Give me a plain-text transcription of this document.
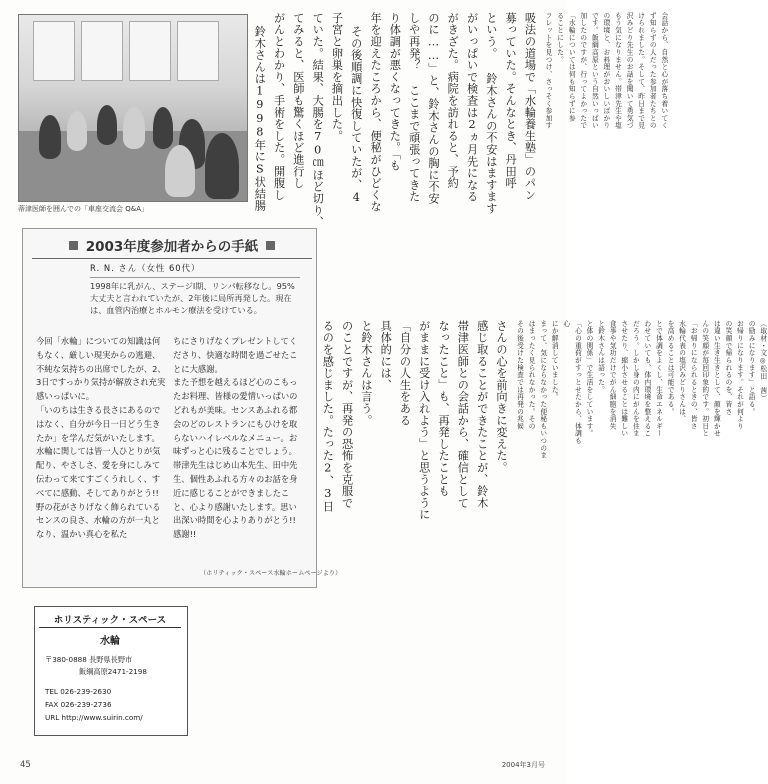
蒂津医師を囲んでの「車座交流会 Q&A」
吸法の道場で「水輪養生塾」のパン
募っていた。そんなとき、丹田呼
という。 鈴木さんの不安はますます
がいっぱいで検査は2ヵ月先になる
がきざた。病院を訪れると、予約
のに……」と、鈴木さんの胸に不安
しや再発？ ここまで頑張ってきた
り体調が悪くなってきた。「も
年を迎えたころから、便秘がひどくな
その後順調に快復していたが、4
子宮と卵巣を摘出した。
ていた。結果、大腸を70㎝ほど切り、
てみると、医師も驚くほど進行し
がんとわかり、手術をした。開腹し
鈴木さんは1998年にS状結腸	会話から、自然と心が落ち着いてく
ず知らずの人だった参加者たちとの
けられました。そして、昨日まで見
沢みどり先生のお話を聞いて勇気づ
もう気になりません。帯津先生や塩
の環境と、お料理がおいしいばかり
です。飯綱高原という自然いっぱい
加したのですが、行ってよかったで
「水輪については何も知らずに参
ることにした。
フレットを見つけ、さっそく参加す
2003年度参加者からの手紙
R. N. さん（女性 60代）
1998年に乳がん、ステージⅠ期、リンパ転移なし。95%大丈夫と言われていたが、2年後に局所再発した。現在は、血管内治療とホルモン療法を受けている。
今回「水輪」についての知識は何もなく、厳しい現実からの逃避、不純な気持ちの出席でしたが、2、3日ですっかり気持が解放され充実感いっぱいに。
「いのちは生きる長さにあるのではなく、自分が今日一日どう生きたか」を学んだ気がいたします。
水輪に関しては皆一人ひとりが気配り、やさしさ、愛を身にしみて伝わって来てすごくうれしく、すべてに感動、そしてありがとう!!
野の花がさりげなく飾られているセンスの良さ、水輪の方が一丸となり、温かい真心を私た
ちにさりげなくプレゼントしてくださり、快適な時間を過ごせたことに大感謝。
また予想を越えるほど心のこもったお料理、皆様の愛情いっぱいのどれもが美味。センスあふれる都会のどのレストランにもひけを取らないハイレベルなメニュー。お味ずっと心に残ることでしょう。
帯津先生はじめ山本先生、田中先生、個性あふれる方々のお話を身近に感じることができましたこと、心より感謝いたします。思い出深い時間を心よりありがとう!! 感謝!!
（ホリティック・スペース水輪ホームページより）
さんの心を前向きに変えた。
感じ取ることができたことが、鈴木
帯津医師との会話から、確信として
なったこと」も、再発したことも
がままに受け入れよう」と思うように
「自分の人生をある
具体的には、
と鈴木さんは言う。
のことですが、再発の恐怖を克服で
るのを感じました。たった2、3日	（取材・文◎松田　茜）
の励みになります」と語る。
お帰りになります。それが何より
の笑顔で帰られるのを、皆さ
は違い生き生きとして、顔を輝かせ
んの笑顔が毎回印象的です。初日と
「お帰りになられるときの、皆さ
水輪代表の塩沢みどりさんは、
を高めることは可能である。
とで体調をよくし、生命エネルギー
わせていても、体内環境を整えるこ
だろう。しかし身の内にがんを住ま
させたり、縮小させることは難しい
食事や気功だけでがん細胞を消失
と鈴木さんは語った。
と体の関係」で生活をしています。
「心の重荷がすっとせたから、体調も
心
にか解消していました。
まって、気にならなかった便秘もいつのま
はまったく見られなかった。その
その後受けた検査では再発の兆候
ホリスティック・スペース
水輪
〒380-0888 長野県長野市
飯綱高原2471-2198
TEL 026-239-2630
FAX 026-239-2736
URL http://www.suirin.com/
45	2004年3月号
